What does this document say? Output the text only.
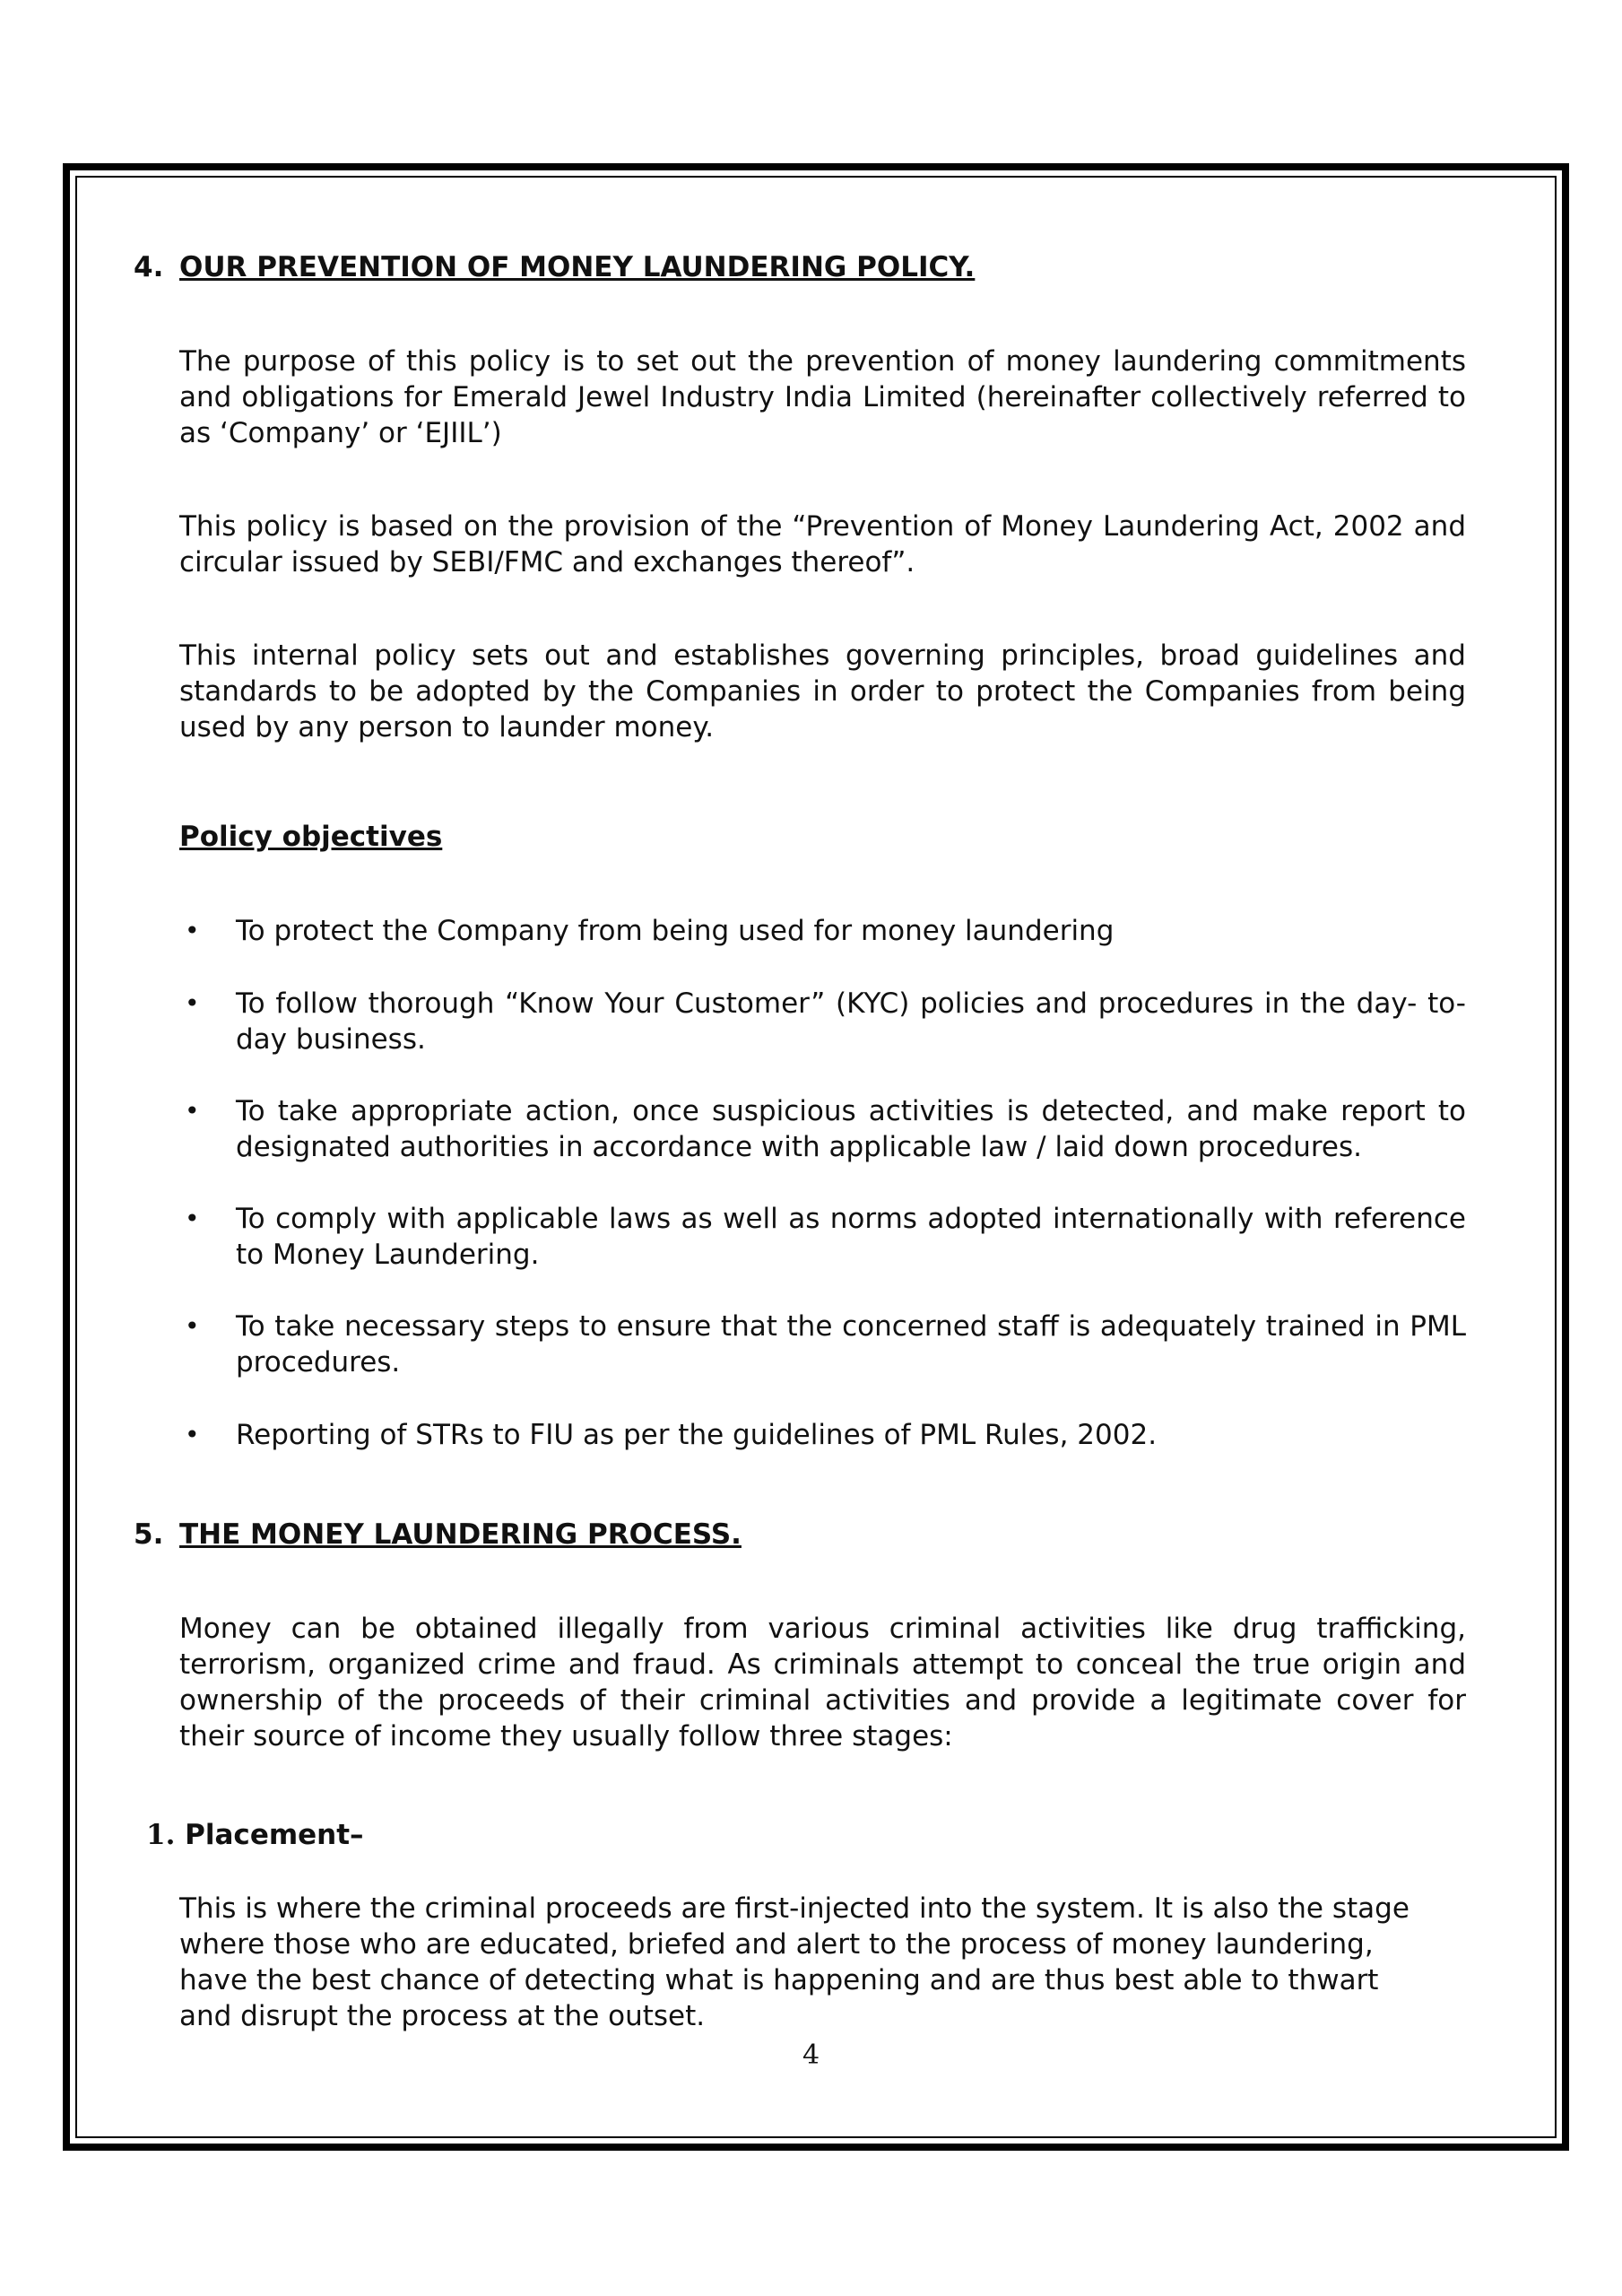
4. OUR PREVENTION OF MONEY LAUNDERING POLICY.
The purpose of this policy is to set out the prevention of money laundering commitments and obligations for Emerald Jewel Industry India Limited (hereinafter collectively referred to as ‘Company’ or ‘EJIIL’)
This policy is based on the provision of the “Prevention of Money Laundering Act, 2002 and circular issued by SEBI/FMC and exchanges thereof”.
This internal policy sets out and establishes governing principles, broad guidelines and standards to be adopted by the Companies in order to protect the Companies from being used by any person to launder money.
Policy objectives
• To protect the Company from being used for money laundering
• To follow thorough “Know Your Customer” (KYC) policies and procedures in the day- to-day business.
• To take appropriate action, once suspicious activities is detected, and make report to designated authorities in accordance with applicable law / laid down procedures.
• To comply with applicable laws as well as norms adopted internationally with reference to Money Laundering.
• To take necessary steps to ensure that the concerned staff is adequately trained in PML procedures.
• Reporting of STRs to FIU as per the guidelines of PML Rules, 2002.
5. THE MONEY LAUNDERING PROCESS.
Money can be obtained illegally from various criminal activities like drug trafficking, terrorism, organized crime and fraud. As criminals attempt to conceal the true origin and ownership of the proceeds of their criminal activities and provide a legitimate cover for their source of income they usually follow three stages:
1. Placement–
This is where the criminal proceeds are first-injected into the system. It is also the stage where those who are educated, briefed and alert to the process of money laundering, have the best chance of detecting what is happening and are thus best able to thwart and disrupt the process at the outset.
4
